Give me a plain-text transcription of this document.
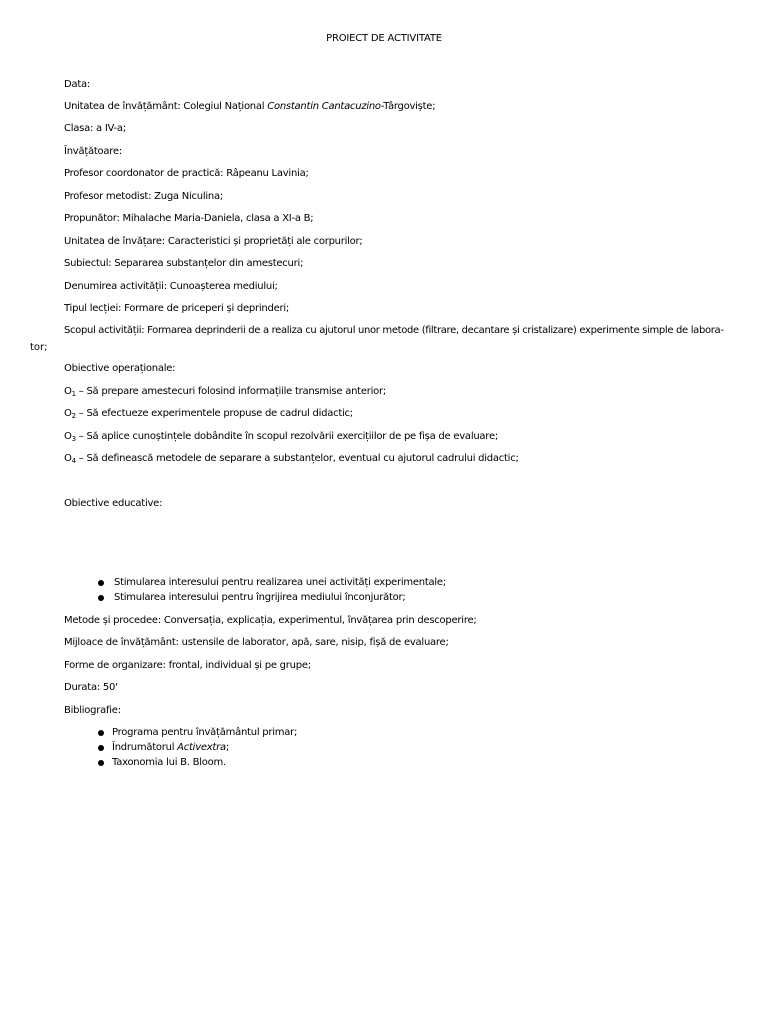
PROIECT DE ACTIVITATE
Data:
Unitatea de învățământ: Colegiul Național Constantin Cantacuzino-Târgoviște;
Clasa: a IV-a;
Învățătoare:
Profesor coordonator de practică: Râpeanu Lavinia;
Profesor metodist: Zuga Niculina;
Propunător: Mihalache Maria-Daniela, clasa a XI-a B;
Unitatea de învățare: Caracteristici și proprietăți ale corpurilor;
Subiectul: Separarea substanțelor din amestecuri;
Denumirea activității: Cunoașterea mediului;
Tipul lecției: Formare de priceperi și deprinderi;
Scopul activității: Formarea deprinderii de a realiza cu ajutorul unor metode (filtrare, decantare și cristalizare) experimente simple de labora-
tor;
Obiective operaționale:
$O_1$ – Să prepare amestecuri folosind informațiile transmise anterior;
$O_2$ – Să efectueze experimentele propuse de cadrul didactic;
$O_3$ – Să aplice cunoștințele dobândite în scopul rezolvării exercițiilor de pe fișa de evaluare;
$O_4$ – Să definească metodele de separare a substanțelor, eventual cu ajutorul cadrului didactic;
Obiective educative:
Stimularea interesului pentru realizarea unei activități experimentale;
Stimularea interesului pentru îngrijirea mediului înconjurător;
Metode și procedee: Conversația, explicația, experimentul, învățarea prin descoperire;
Mijloace de învățământ: ustensile de laborator, apă, sare, nisip, fișă de evaluare;
Forme de organizare: frontal, individual și pe grupe;
Durata: 50'
Bibliografie:
Programa pentru învățământul primar;
Îndrumătorul Activextra;
Taxonomia lui B. Bloom.
